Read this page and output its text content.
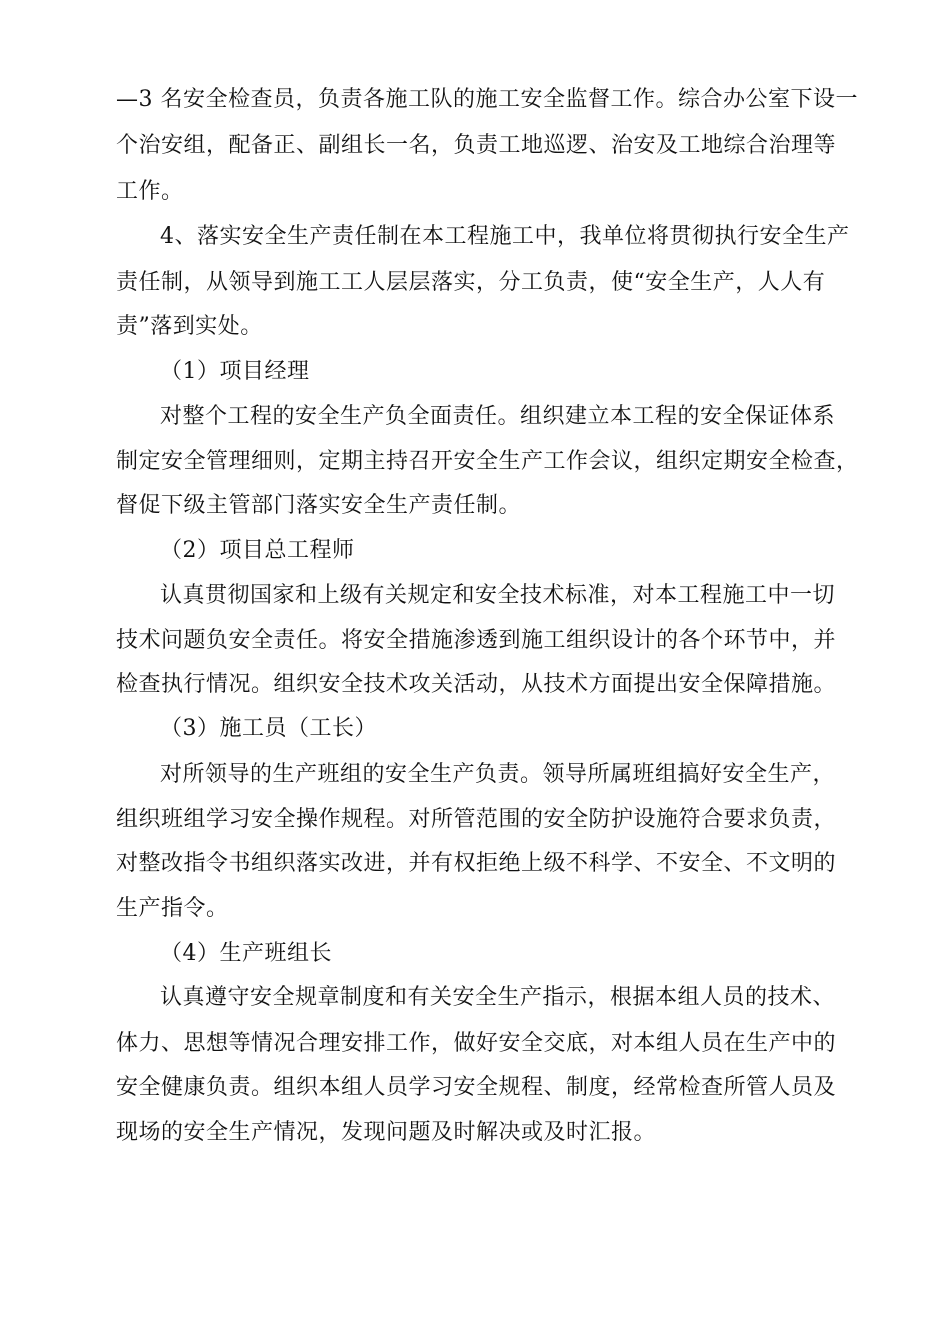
—3 名安全检查员，负责各施工队的施工安全监督工作。综合办公室下设一

个治安组，配备正、副组长一名，负责工地巡逻、治安及工地综合治理等

工作。

4、落实安全生产责任制在本工程施工中，我单位将贯彻执行安全生产

责任制，从领导到施工工人层层落实，分工负责，使“安全生产，人人有

责”落到实处。

（1）项目经理

对整个工程的安全生产负全面责任。组织建立本工程的安全保证体系

制定安全管理细则，定期主持召开安全生产工作会议，组织定期安全检查，

督促下级主管部门落实安全生产责任制。

（2）项目总工程师

认真贯彻国家和上级有关规定和安全技术标准，对本工程施工中一切

技术问题负安全责任。将安全措施渗透到施工组织设计的各个环节中，并

检查执行情况。组织安全技术攻关活动，从技术方面提出安全保障措施。

（3）施工员（工长）

对所领导的生产班组的安全生产负责。领导所属班组搞好安全生产，

组织班组学习安全操作规程。对所管范围的安全防护设施符合要求负责，

对整改指令书组织落实改进，并有权拒绝上级不科学、不安全、不文明的

生产指令。

（4）生产班组长

认真遵守安全规章制度和有关安全生产指示，根据本组人员的技术、

体力、思想等情况合理安排工作，做好安全交底，对本组人员在生产中的

安全健康负责。组织本组人员学习安全规程、制度，经常检查所管人员及

现场的安全生产情况，发现问题及时解决或及时汇报。
